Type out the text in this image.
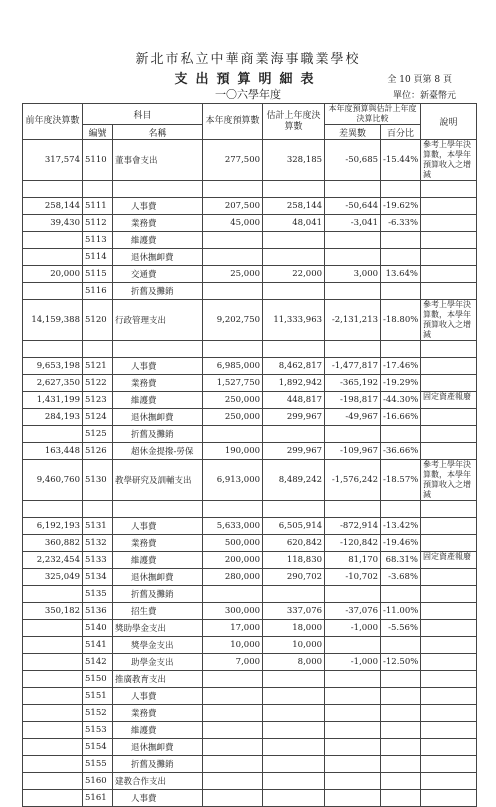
新北市私立中華商業海事職業學校
支出預算明細表
一〇六學年度
全 10 頁第 8 頁
單位：新臺幣元
前年度決算數	科目		本年度預算數	估計上年度決算數	本年度預算與估計上年度決算比較		說明
	編號	名稱			差異數	百分比	
317,574	5110	董事會支出	277,500	328,185	-50,685	-15.44%	參考上學年決算數，本學年預算收入之增減

258,144	5111	人事費	207,500	258,144	-50,644	-19.62%	
39,430	5112	業務費	45,000	48,041	-3,041	-6.33%	
	5113	維護費					
	5114	退休撫卹費					
20,000	5115	交通費	25,000	22,000	3,000	13.64%	
	5116	折舊及攤銷					
14,159,388	5120	行政管理支出	9,202,750	11,333,963	-2,131,213	-18.80%	參考上學年決算數，本學年預算收入之增減

9,653,198	5121	人事費	6,985,000	8,462,817	-1,477,817	-17.46%	
2,627,350	5122	業務費	1,527,750	1,892,942	-365,192	-19.29%	
1,431,199	5123	維護費	250,000	448,817	-198,817	-44.30%	固定資產報廢
284,193	5124	退休撫卹費	250,000	299,967	-49,967	-16.66%	
	5125	折舊及攤銷					
163,448	5126	超休金提撥-勞保	190,000	299,967	-109,967	-36.66%	
9,460,760	5130	教學研究及訓輔支出	6,913,000	8,489,242	-1,576,242	-18.57%	參考上學年決算數，本學年預算收入之增減

6,192,193	5131	人事費	5,633,000	6,505,914	-872,914	-13.42%	
360,882	5132	業務費	500,000	620,842	-120,842	-19.46%	
2,232,454	5133	維護費	200,000	118,830	81,170	68.31%	固定資產報廢
325,049	5134	退休撫卹費	280,000	290,702	-10,702	-3.68%	
	5135	折舊及攤銷					
350,182	5136	招生費	300,000	337,076	-37,076	-11.00%	
	5140	獎助學金支出	17,000	18,000	-1,000	-5.56%	
	5141	獎學金支出	10,000	10,000			
	5142	助學金支出	7,000	8,000	-1,000	-12.50%	
	5150	推廣教育支出					
	5151	人事費					
	5152	業務費					
	5153	維護費					
	5154	退休撫卹費					
	5155	折舊及攤銷					
	5160	建教合作支出					
	5161	人事費					
